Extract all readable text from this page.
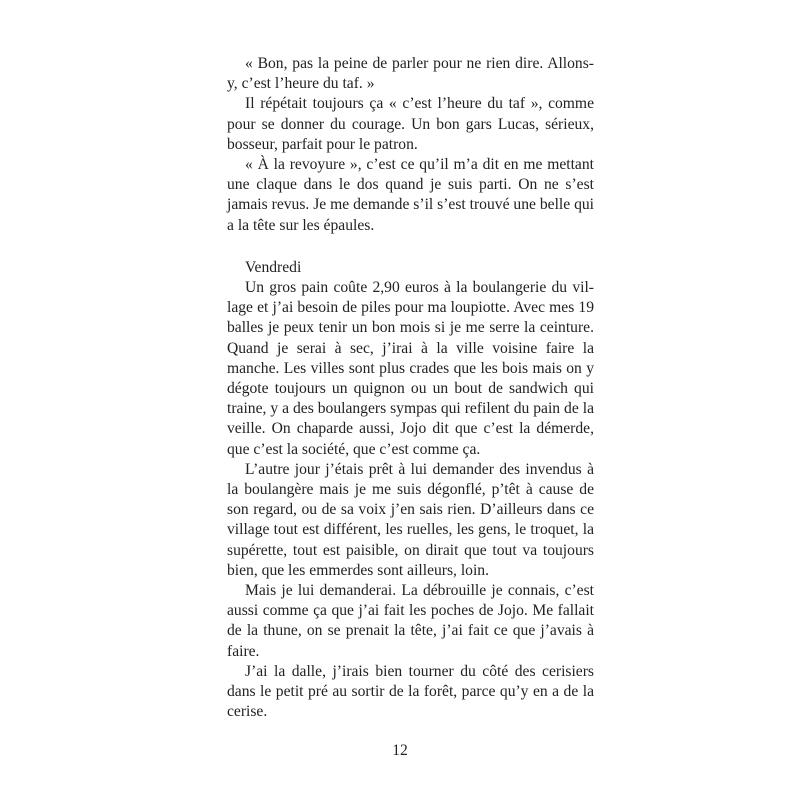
« Bon, pas la peine de parler pour ne rien dire. Allons-y, c’est l’heure du taf. »

Il répétait toujours ça « c’est l’heure du taf », comme pour se donner du courage. Un bon gars Lucas, sérieux, bosseur, parfait pour le patron.

« À la revoyure », c’est ce qu’il m’a dit en me mettant une claque dans le dos quand je suis parti. On ne s’est jamais revus. Je me demande s’il s’est trouvé une belle qui a la tête sur les épaules.

Vendredi

Un gros pain coûte 2,90 euros à la boulangerie du village et j’ai besoin de piles pour ma loupiotte. Avec mes 19 balles je peux tenir un bon mois si je me serre la ceinture. Quand je serai à sec, j’irai à la ville voisine faire la manche. Les villes sont plus crades que les bois mais on y dégote toujours un quignon ou un bout de sandwich qui traine, y a des boulangers sympas qui refilent du pain de la veille. On chaparde aussi, Jojo dit que c’est la démerde, que c’est la société, que c’est comme ça.

L’autre jour j’étais prêt à lui demander des invendus à la boulangère mais je me suis dégonflé, p’têt à cause de son regard, ou de sa voix j’en sais rien. D’ailleurs dans ce village tout est différent, les ruelles, les gens, le troquet, la supérette, tout est paisible, on dirait que tout va toujours bien, que les emmerdes sont ailleurs, loin.

Mais je lui demanderai. La débrouille je connais, c’est aussi comme ça que j’ai fait les poches de Jojo. Me fallait de la thune, on se prenait la tête, j’ai fait ce que j’avais à faire.

J’ai la dalle, j’irais bien tourner du côté des cerisiers dans le petit pré au sortir de la forêt, parce qu’y en a de la cerise.

12
